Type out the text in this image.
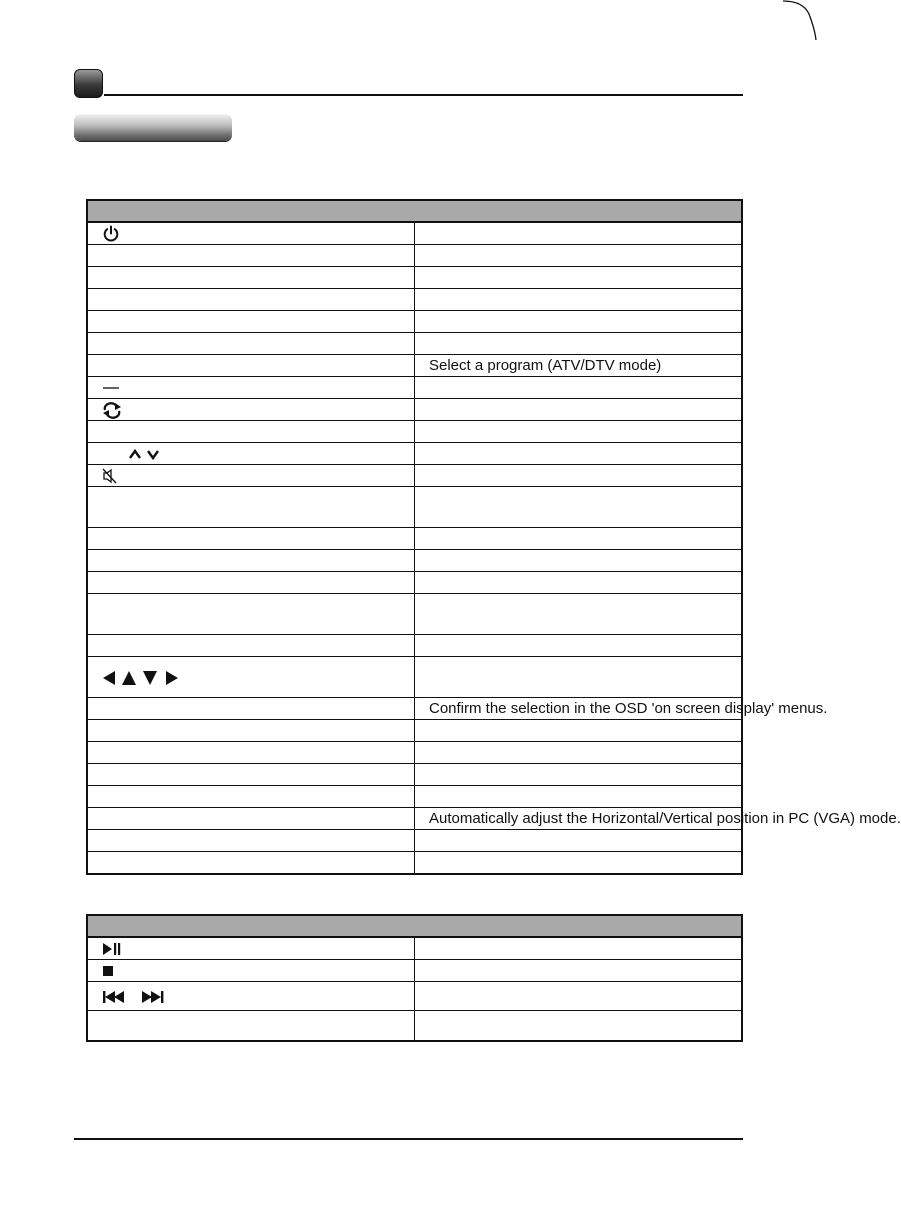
	Select a program (ATV/DTV mode)

	Confirm the selection in the OSD 'on screen display' menus.

	Automatically adjust the Horizontal/Vertical position in PC (VGA) mode.
